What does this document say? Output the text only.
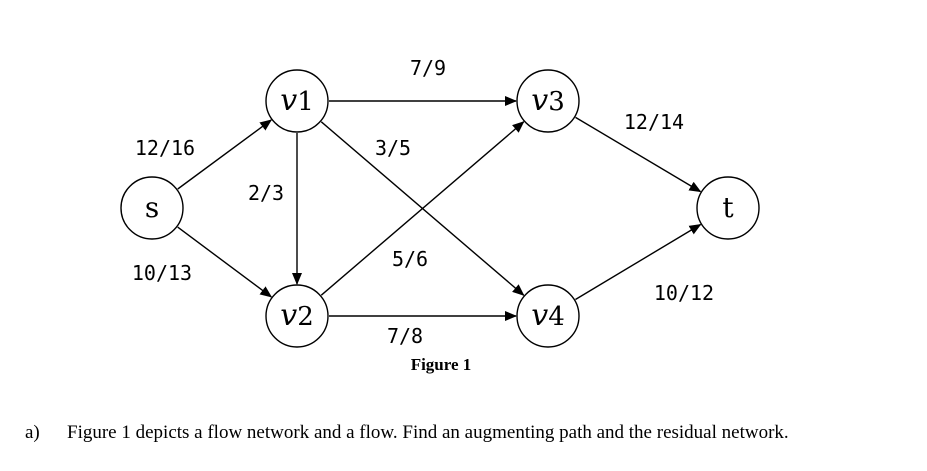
12/16
10/13
2/3
7/9
3/5
5/6
7/8
12/14
10/12
s
v1
v2
v3
v4
t
Figure 1
a) Figure 1 depicts a flow network and a flow. Find an augmenting path and the residual network.
